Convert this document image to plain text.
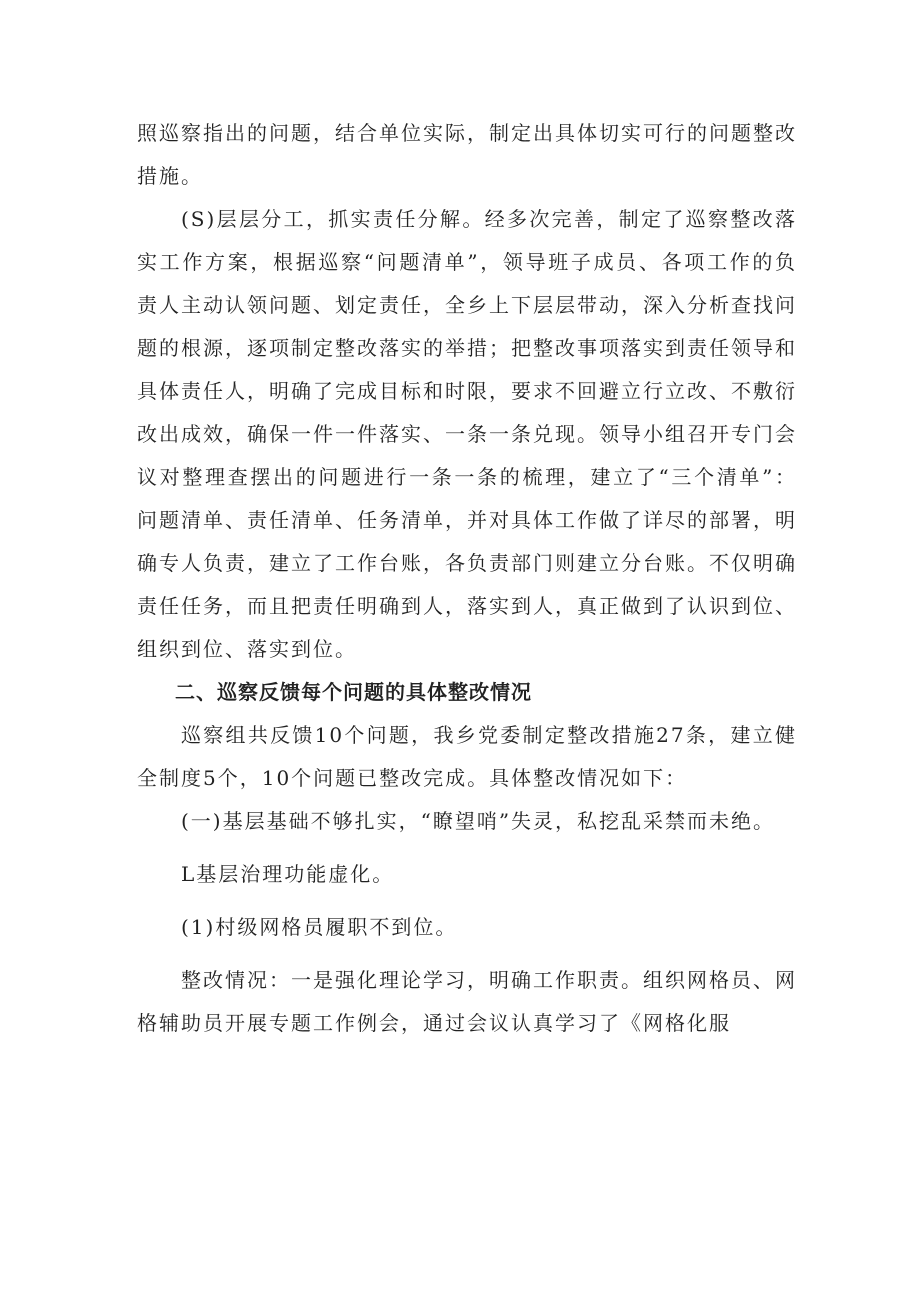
照巡察指出的问题，结合单位实际，制定出具体切实可行的问题整改措施。

(S)层层分工，抓实责任分解。经多次完善，制定了巡察整改落实工作方案，根据巡察“问题清单”，领导班子成员、各项工作的负责人主动认领问题、划定责任，全乡上下层层带动，深入分析查找问题的根源，逐项制定整改落实的举措；把整改事项落实到责任领导和具体责任人，明确了完成目标和时限，要求不回避立行立改、不敷衍改出成效，确保一件一件落实、一条一条兑现。领导小组召开专门会议对整理查摆出的问题进行一条一条的梳理，建立了“三个清单”：问题清单、责任清单、任务清单，并对具体工作做了详尽的部署，明确专人负责，建立了工作台账，各负责部门则建立分台账。不仅明确责任任务，而且把责任明确到人，落实到人，真正做到了认识到位、组织到位、落实到位。

二、巡察反馈每个问题的具体整改情况

巡察组共反馈10个问题，我乡党委制定整改措施27条，建立健全制度5个，10个问题已整改完成。具体整改情况如下：

(一)基层基础不够扎实，“瞭望哨”失灵，私挖乱采禁而未绝。

L基层治理功能虚化。

(1)村级网格员履职不到位。

整改情况：一是强化理论学习，明确工作职责。组织网格员、网格辅助员开展专题工作例会，通过会议认真学习了《网格化服
